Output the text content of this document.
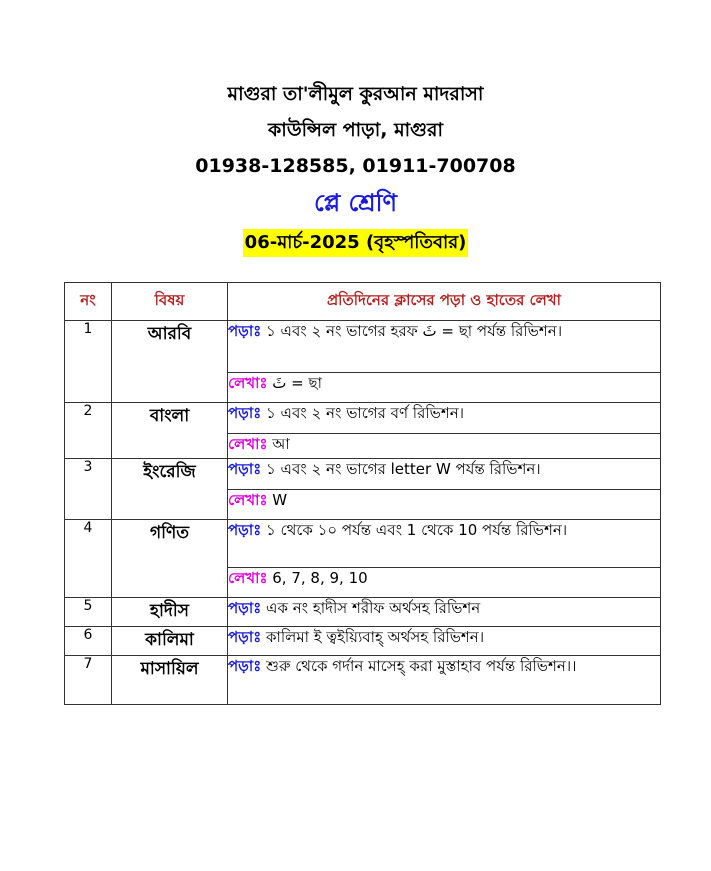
মাগুরা তা'লীমুল কুরআন মাদরাসা
কাউন্সিল পাড়া, মাগুরা
01938-128585, 01911-700708
প্লে শ্রেণি
06-মার্চ-2025 (বৃহস্পতিবার)
নং	বিষয়	প্রতিদিনের ক্লাসের পড়া ও হাতের লেখা
1	আরবি	পড়াঃ ১ এবং ২ নং ভাগের হরফ ثَ = ছা পর্যন্ত রিভিশন।
		লেখাঃ ثَ = ছা
2	বাংলা	পড়াঃ ১ এবং ২ নং ভাগের বর্ণ রিভিশন।
		লেখাঃ আ
3	ইংরেজি	পড়াঃ ১ এবং ২ নং ভাগের letter W পর্যন্ত রিভিশন।
		লেখাঃ W
4	গণিত	পড়াঃ ১ থেকে ১০ পর্যন্ত এবং 1 থেকে 10 পর্যন্ত রিভিশন।
		লেখাঃ 6, 7, 8, 9, 10
5	হাদীস	পড়াঃ এক নং হাদীস শরীফ অর্থসহ রিভিশন
6	কালিমা	পড়াঃ কালিমা ই ত্বইয়্যিবাহ্ অর্থসহ রিভিশন।
7	মাসায়িল	পড়াঃ শুরু থেকে গর্দান মাসেহ্ করা মুস্তাহাব পর্যন্ত রিভিশন।।
